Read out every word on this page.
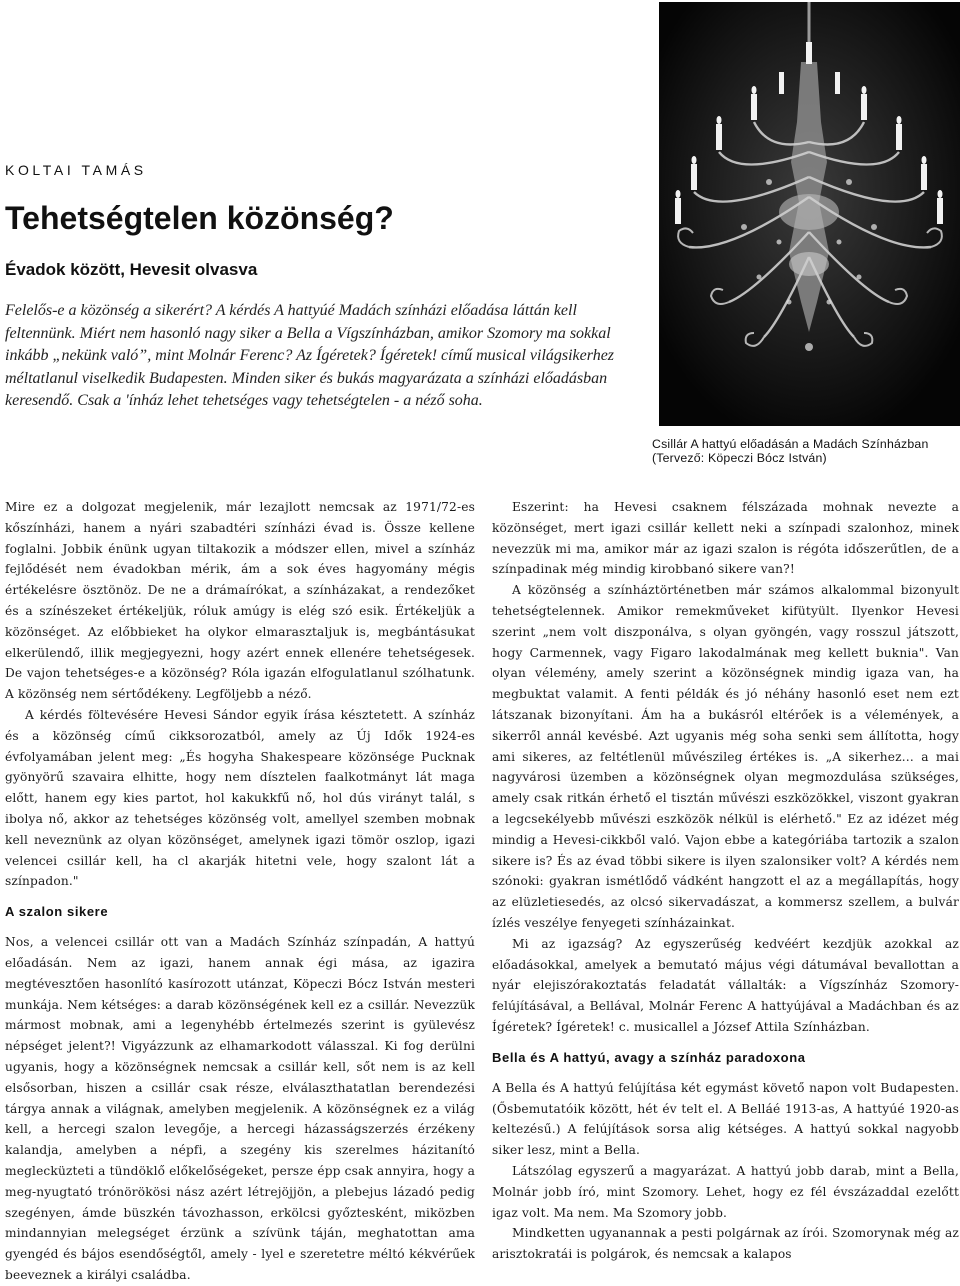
KOLTAI TAMÁS
Tehetségtelen közönség?
Évadok között, Hevesit olvasva

Felelős-e a közönség a sikerért? A kérdés A hattyúé Madách színházi előadása láttán kell feltennünk. Miért nem hasonló nagy siker a Bella a Vígszínházban, amikor Szomory ma sokkal inkább „nekünk való”, mint Molnár Ferenc? Az Ígéretek? Ígéretek! című musical világsikerhez méltatlanul viselkedik Budapesten. Minden siker és bukás magyarázata a színházi előadásban keresendő. Csak a 'ínház lehet tehetséges vagy tehetségtelen - a néző soha.

Csillár A hattyú előadásán a Madách Színházban
(Tervező: Köpeczi Bócz István)

Mire ez a dolgozat megjelenik, már lezajlott nemcsak az 1971/72-es kőszínházi, hanem a nyári szabadtéri színházi évad is. Össze kellene foglalni. Jobbik énünk ugyan tiltakozik a módszer ellen, mivel a színház fejlődését nem évadokban mérik, ám a sok éves hagyomány mégis értékelésre ösztönöz. De ne a drámaírókat, a színházakat, a rendezőket és a színészeket értékeljük, róluk amúgy is elég szó esik. Értékeljük a közönséget. Az előbbieket ha olykor elmarasztaljuk is, megbántásukat elkerülendő, illik megjegyezni, hogy azért ennek ellenére tehetségesek. De vajon tehetséges-e a közönség? Róla igazán elfogulatlanul szólhatunk. A közönség nem sértődékeny. Legföljebb a néző.

A kérdés föltevésére Hevesi Sándor egyik írása késztetett. A színház és a közönség című cikksorozatból, amely az Új Idők 1924-es évfolyamában jelent meg: „És hogyha Shakespeare közönsége Pucknak gyönyörű szavaira elhitte, hogy nem dísztelen faalkotmányt lát maga előtt, hanem egy kies partot, hol kakukkfű nő, hol dús virányt talál, s ibolya nő, akkor az tehetséges közönség volt, amellyel szemben mobnak kell neveznünk az olyan közönséget, amelynek igazi tömör oszlop, igazi velencei csillár kell, ha cl akarják hitetni vele, hogy szalont lát a színpadon."

A szalon sikere

Nos, a velencei csillár ott van a Madách Színház színpadán, A hattyú előadásán. Nem az igazi, hanem annak égi mása, az igazira megtévesztően hasonlító kasírozott utánzat, Köpeczi Bócz István mesteri munkája. Nem kétséges: a darab közönségének kell ez a csillár. Nevezzük mármost mobnak, ami a legenyhébb értelmezés szerint is gyülevész népséget jelent?! Vigyázzunk az elhamarkodott válasszal. Ki fog derülni ugyanis, hogy a közönségnek nemcsak a csillár kell, sőt nem is az kell elsősorban, hiszen a csillár csak része, elválaszthatatlan berendezési tárgya annak a világnak, amelyben megjelenik. A közönségnek ez a világ kell, a hercegi szalon levegője, a hercegi házasságszerzés érzékeny kalandja, amelyben a népfi, a szegény kis szerelmes házitanító meglecküzteti a tündöklő előkelőségeket, persze épp csak annyira, hogy a meg-nyugtató trónörökösi nász azért létrejöjjön, a plebejus lázadó pedig szegényen, ámde büszkén távozhasson, erkölcsi győztesként, miközben mindannyian melegséget érzünk a szívünk táján, meghatottan ama gyengéd és bájos esendőségtől, amely - lyel e szeretetre méltó kékvérűek beeveznek a királyi családba.

Eszerint: ha Hevesi csaknem félszázada mohnak nevezte a közönséget, mert igazi csillár kellett neki a színpadi szalonhoz, minek nevezzük mi ma, amikor már az igazi szalon is régóta időszerűtlen, de a színpadinak még mindig kirobbanó sikere van?!

A közönség a színháztörténetben már számos alkalommal bizonyult tehetségtelennek. Amikor remekműveket kifütyült. Ilyenkor Hevesi szerint „nem volt diszponálva, s olyan gyöngén, vagy rosszul játszott, hogy Carmennek, vagy Figaro lakodalmának meg kellett buknia". Van olyan vélemény, amely szerint a közönségnek mindig igaza van, ha megbuktat valamit. A fenti példák és jó néhány hasonló eset nem ezt látszanak bizonyítani. Ám ha a bukásról eltérőek is a vélemények, a sikerről annál kevésbé. Azt ugyanis még soha senki sem állította, hogy ami sikeres, az feltétlenül művészileg értékes is. „A sikerhez… a mai nagyvárosi üzemben a közönségnek olyan megmozdulása szükséges, amely csak ritkán érhető el tisztán művészi eszközökkel, viszont gyakran a legcsekélyebb művészi eszközök nélkül is elérhető." Ez az idézet még mindig a Hevesi-cikkből való. Vajon ebbe a kategóriába tartozik a szalon sikere is? És az évad többi sikere is ilyen szalonsiker volt? A kérdés nem szónoki: gyakran ismétlődő vádként hangzott el az a megállapítás, hogy az elüzletiesedés, az olcsó sikervadászat, a kommersz szellem, a bulvár ízlés veszélye fenyegeti színházainkat.

Mi az igazság? Az egyszerűség kedvéért kezdjük azokkal az előadásokkal, amelyek a bemutató május végi dátumával bevallottan a nyár elejiszórakoztatás feladatát vállalták: a Vígszínház Szomory-felújításával, a Bellával, Molnár Ferenc A hattyújával a Madáchban és az Ígéretek? Ígéretek! c. musicallel a József Attila Színházban.

Bella és A hattyú, avagy a színház paradoxona

A Bella és A hattyú felújítása két egymást követő napon volt Budapesten. (Ősbemutatóik között, hét év telt el. A Belláé 1913-as, A hattyúé 1920-as keltezésű.) A felújítások sorsa alig kétséges. A hattyú sokkal nagyobb siker lesz, mint a Bella.

Látszólag egyszerű a magyarázat. A hattyú jobb darab, mint a Bella, Molnár jobb író, mint Szomory. Lehet, hogy ez fél évszázaddal ezelőtt igaz volt. Ma nem. Ma Szomory jobb.

Mindketten ugyanannak a pesti polgárnak az írói. Szomorynak még az arisztokratái is polgárok, és nemcsak a kalapos
